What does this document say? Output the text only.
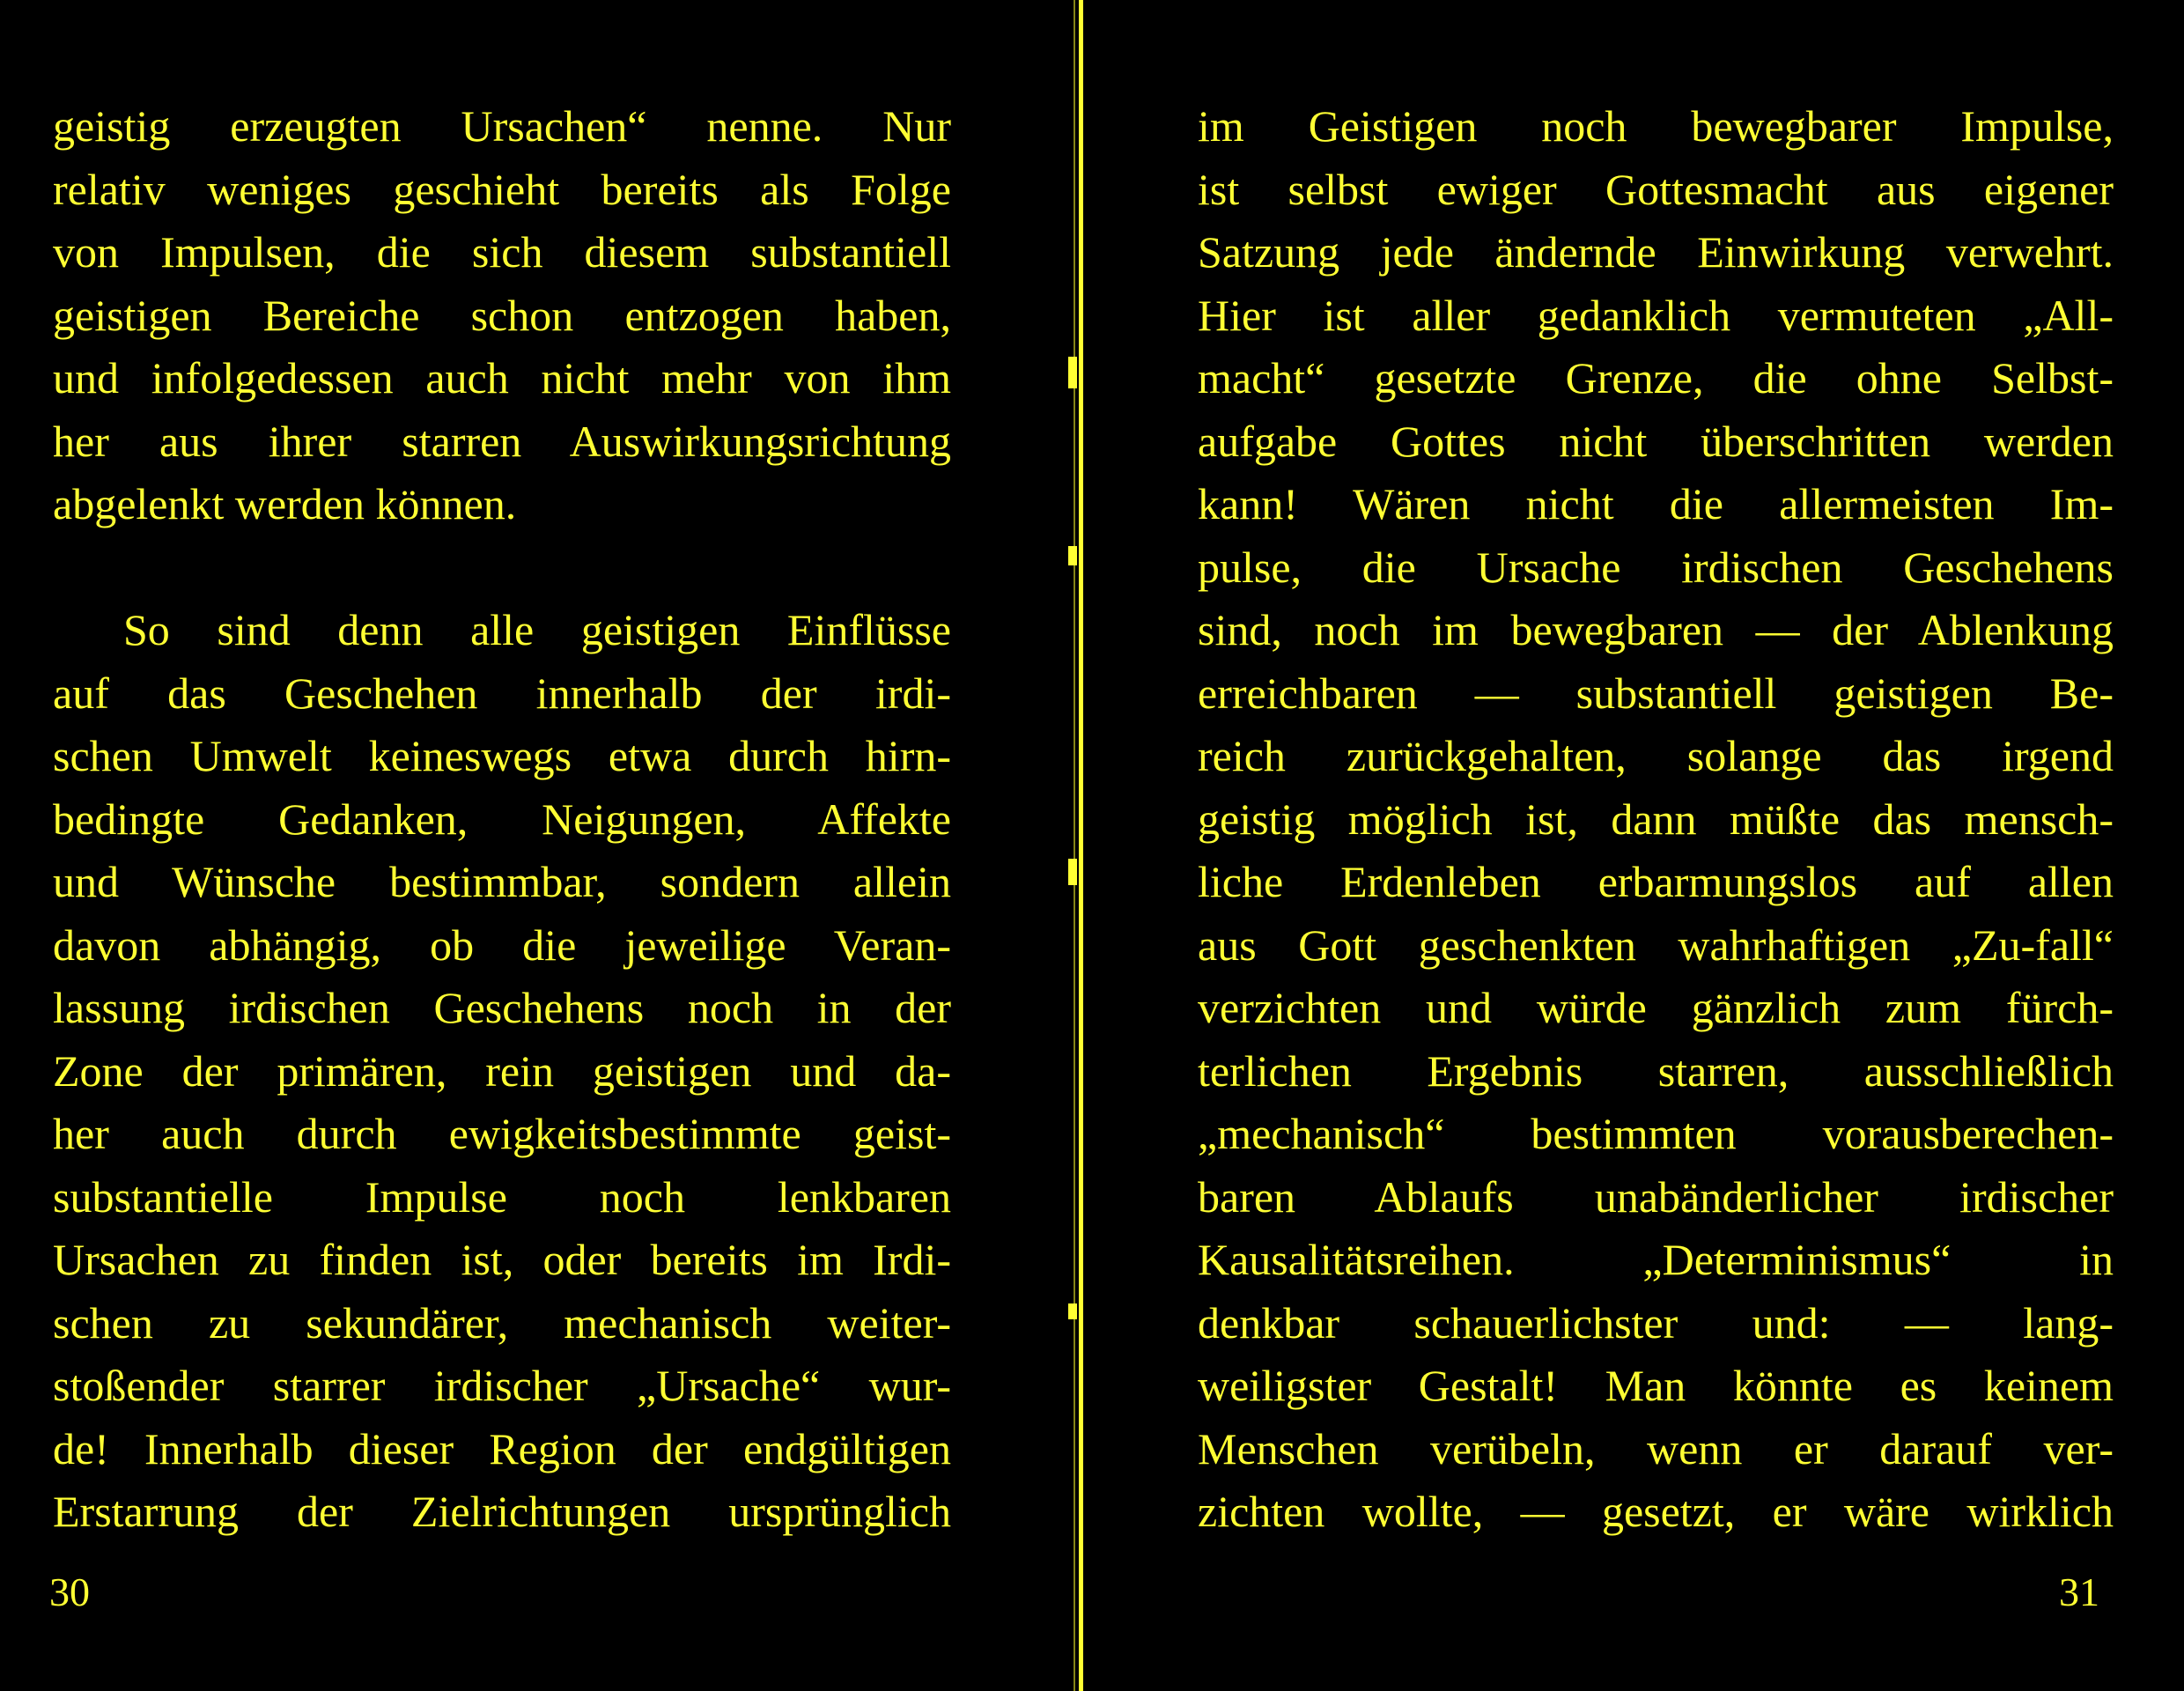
geistig erzeugten Ursachen“ nenne. Nur
relativ weniges geschieht bereits als Folge
von Impulsen, die sich diesem substantiell
geistigen Bereiche schon entzogen haben,
und infolgedessen auch nicht mehr von ihm
her aus ihrer starren Auswirkungsrichtung
abgelenkt werden können.
So sind denn alle geistigen Einflüsse
auf das Geschehen innerhalb der irdi-
schen Umwelt keineswegs etwa durch hirn-
bedingte Gedanken, Neigungen, Affekte
und Wünsche bestimmbar, sondern allein
davon abhängig, ob die jeweilige Veran-
lassung irdischen Geschehens noch in der
Zone der primären, rein geistigen und da-
her auch durch ewigkeitsbestimmte geist-
substantielle Impulse noch lenkbaren
Ursachen zu finden ist, oder bereits im Irdi-
schen zu sekundärer, mechanisch weiter-
stoßender starrer irdischer „Ursache“ wur-
de! Innerhalb dieser Region der endgültigen
Erstarrung der Zielrichtungen ursprünglich
30
im Geistigen noch bewegbarer Impulse,
ist selbst ewiger Gottesmacht aus eigener
Satzung jede ändernde Einwirkung verwehrt.
Hier ist aller gedanklich vermuteten „All-
macht“ gesetzte Grenze, die ohne Selbst-
aufgabe Gottes nicht überschritten werden
kann! Wären nicht die allermeisten Im-
pulse, die Ursache irdischen Geschehens
sind, noch im bewegbaren — der Ablenkung
erreichbaren — substantiell geistigen Be-
reich zurückgehalten, solange das irgend
geistig möglich ist, dann müßte das mensch-
liche Erdenleben erbarmungslos auf allen
aus Gott geschenkten wahrhaftigen „Zu-fall“
verzichten und würde gänzlich zum fürch-
terlichen Ergebnis starren, ausschließlich
„mechanisch“ bestimmten vorausberechen-
baren Ablaufs unabänderlicher irdischer
Kausalitätsreihen. „Determinismus“ in
denkbar schauerlichster und: — lang-
weiligster Gestalt! Man könnte es keinem
Menschen verübeln, wenn er darauf ver-
zichten wollte, — gesetzt, er wäre wirklich
31
